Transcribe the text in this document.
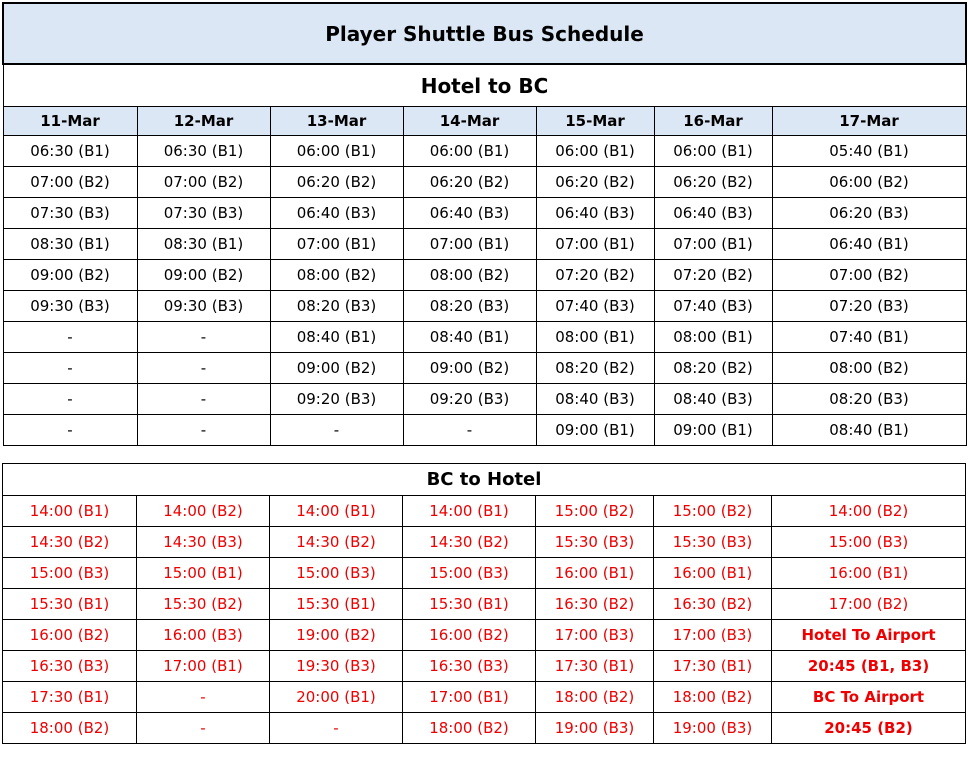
Player Shuttle Bus Schedule						
Hotel to BC						
11-Mar	12-Mar	13-Mar	14-Mar	15-Mar	16-Mar	17-Mar
06:30 (B1)	06:30 (B1)	06:00 (B1)	06:00 (B1)	06:00 (B1)	06:00 (B1)	05:40 (B1)
07:00 (B2)	07:00 (B2)	06:20 (B2)	06:20 (B2)	06:20 (B2)	06:20 (B2)	06:00 (B2)
07:30 (B3)	07:30 (B3)	06:40 (B3)	06:40 (B3)	06:40 (B3)	06:40 (B3)	06:20 (B3)
08:30 (B1)	08:30 (B1)	07:00 (B1)	07:00 (B1)	07:00 (B1)	07:00 (B1)	06:40 (B1)
09:00 (B2)	09:00 (B2)	08:00 (B2)	08:00 (B2)	07:20 (B2)	07:20 (B2)	07:00 (B2)
09:30 (B3)	09:30 (B3)	08:20 (B3)	08:20 (B3)	07:40 (B3)	07:40 (B3)	07:20 (B3)
-	-	08:40 (B1)	08:40 (B1)	08:00 (B1)	08:00 (B1)	07:40 (B1)
-	-	09:00 (B2)	09:00 (B2)	08:20 (B2)	08:20 (B2)	08:00 (B2)
-	-	09:20 (B3)	09:20 (B3)	08:40 (B3)	08:40 (B3)	08:20 (B3)
-	-	-	-	09:00 (B1)	09:00 (B1)	08:40 (B1)
BC to Hotel						
14:00 (B1)	14:00 (B2)	14:00 (B1)	14:00 (B1)	15:00 (B2)	15:00 (B2)	14:00 (B2)
14:30 (B2)	14:30 (B3)	14:30 (B2)	14:30 (B2)	15:30 (B3)	15:30 (B3)	15:00 (B3)
15:00 (B3)	15:00 (B1)	15:00 (B3)	15:00 (B3)	16:00 (B1)	16:00 (B1)	16:00 (B1)
15:30 (B1)	15:30 (B2)	15:30 (B1)	15:30 (B1)	16:30 (B2)	16:30 (B2)	17:00 (B2)
16:00 (B2)	16:00 (B3)	19:00 (B2)	16:00 (B2)	17:00 (B3)	17:00 (B3)	Hotel To Airport
16:30 (B3)	17:00 (B1)	19:30 (B3)	16:30 (B3)	17:30 (B1)	17:30 (B1)	20:45 (B1, B3)
17:30 (B1)	-	20:00 (B1)	17:00 (B1)	18:00 (B2)	18:00 (B2)	BC To Airport
18:00 (B2)	-	-	18:00 (B2)	19:00 (B3)	19:00 (B3)	20:45 (B2)
